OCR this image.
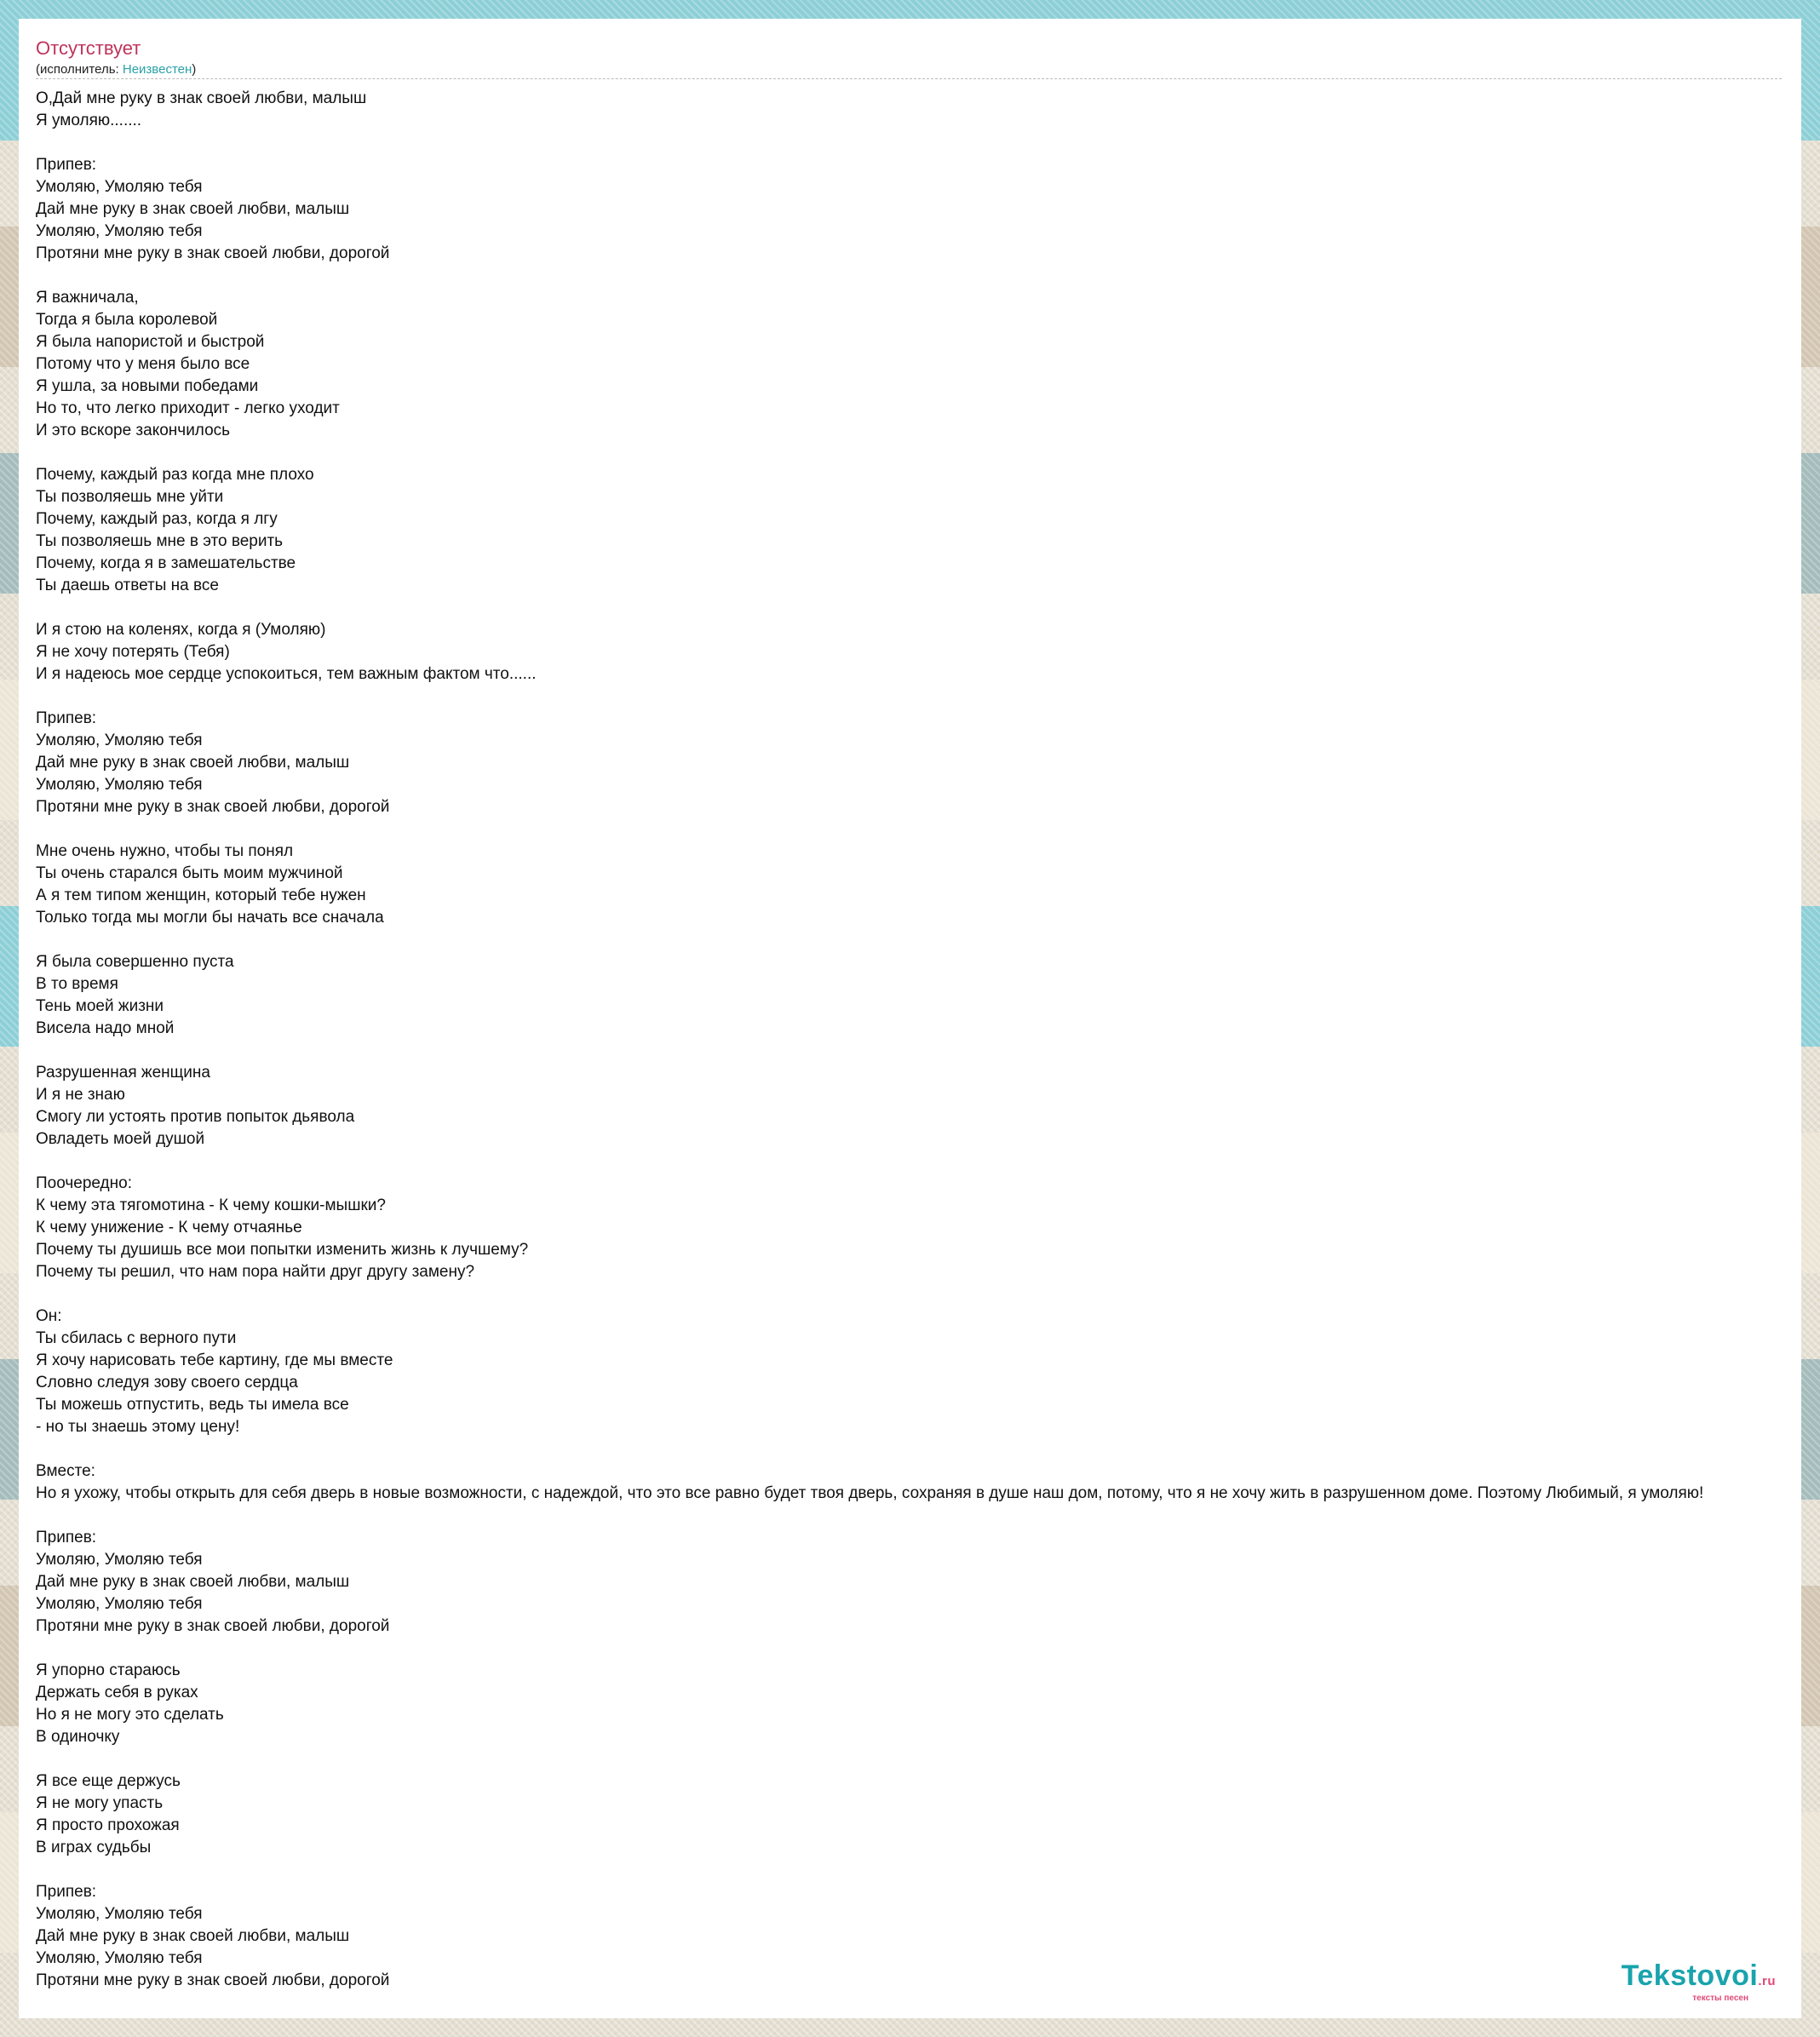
Отсутствует
(исполнитель: Неизвестен)
О,Дай мне руку в знак своей любви, малыш
Я умоляю.......
Припев:
Умоляю, Умоляю тебя
Дай мне руку в знак своей любви, малыш
Умоляю, Умоляю тебя
Протяни мне руку в знак своей любви, дорогой
Я важничала,
Тогда я была королевой
Я была напористой и быстрой
Потому что у меня было все
Я ушла, за новыми победами
Но то, что легко приходит - легко уходит
И это вскоре закончилось
Почему, каждый раз когда мне плохо
Ты позволяешь мне уйти
Почему, каждый раз, когда я лгу
Ты позволяешь мне в это верить
Почему, когда я в замешательстве
Ты даешь ответы на все
И я стою на коленях, когда я (Умоляю)
Я не хочу потерять (Тебя)
И я надеюсь мое сердце успокоиться, тем важным фактом что......
Припев:
Умоляю, Умоляю тебя
Дай мне руку в знак своей любви, малыш
Умоляю, Умоляю тебя
Протяни мне руку в знак своей любви, дорогой
Мне очень нужно, чтобы ты понял
Ты очень старался быть моим мужчиной
А я тем типом женщин, который тебе нужен
Только тогда мы могли бы начать все сначала
Я была совершенно пуста
В то время
Тень моей жизни
Висела надо мной
Разрушенная женщина
И я не знаю
Смогу ли устоять против попыток дьявола
Овладеть моей душой
Поочередно:
К чему эта тягомотина - К чему кошки-мышки?
К чему унижение - К чему отчаянье
Почему ты душишь все мои попытки изменить жизнь к лучшему?
Почему ты решил, что нам пора найти друг другу замену?
Он:
Ты сбилась с верного пути
Я хочу нарисовать тебе картину, где мы вместе
Словно следуя зову своего сердца
Ты можешь отпустить, ведь ты имела все
- но ты знаешь этому цену!
Вместе:
Но я ухожу, чтобы открыть для себя дверь в новые возможности, с надеждой, что это все равно будет твоя дверь, сохраняя в душе наш дом, потому, что я не хочу жить в разрушенном доме. Поэтому Любимый, я умоляю!
Припев:
Умоляю, Умоляю тебя
Дай мне руку в знак своей любви, малыш
Умоляю, Умоляю тебя
Протяни мне руку в знак своей любви, дорогой
Я упорно стараюсь
Держать себя в руках
Но я не могу это сделать
В одиночку
Я все еще держусь
Я не могу упасть
Я просто прохожая
В играх судьбы
Припев:
Умоляю, Умоляю тебя
Дай мне руку в знак своей любви, малыш
Умоляю, Умоляю тебя
Протяни мне руку в знак своей любви, дорогой	Tekstovoi.ru
тексты песен
